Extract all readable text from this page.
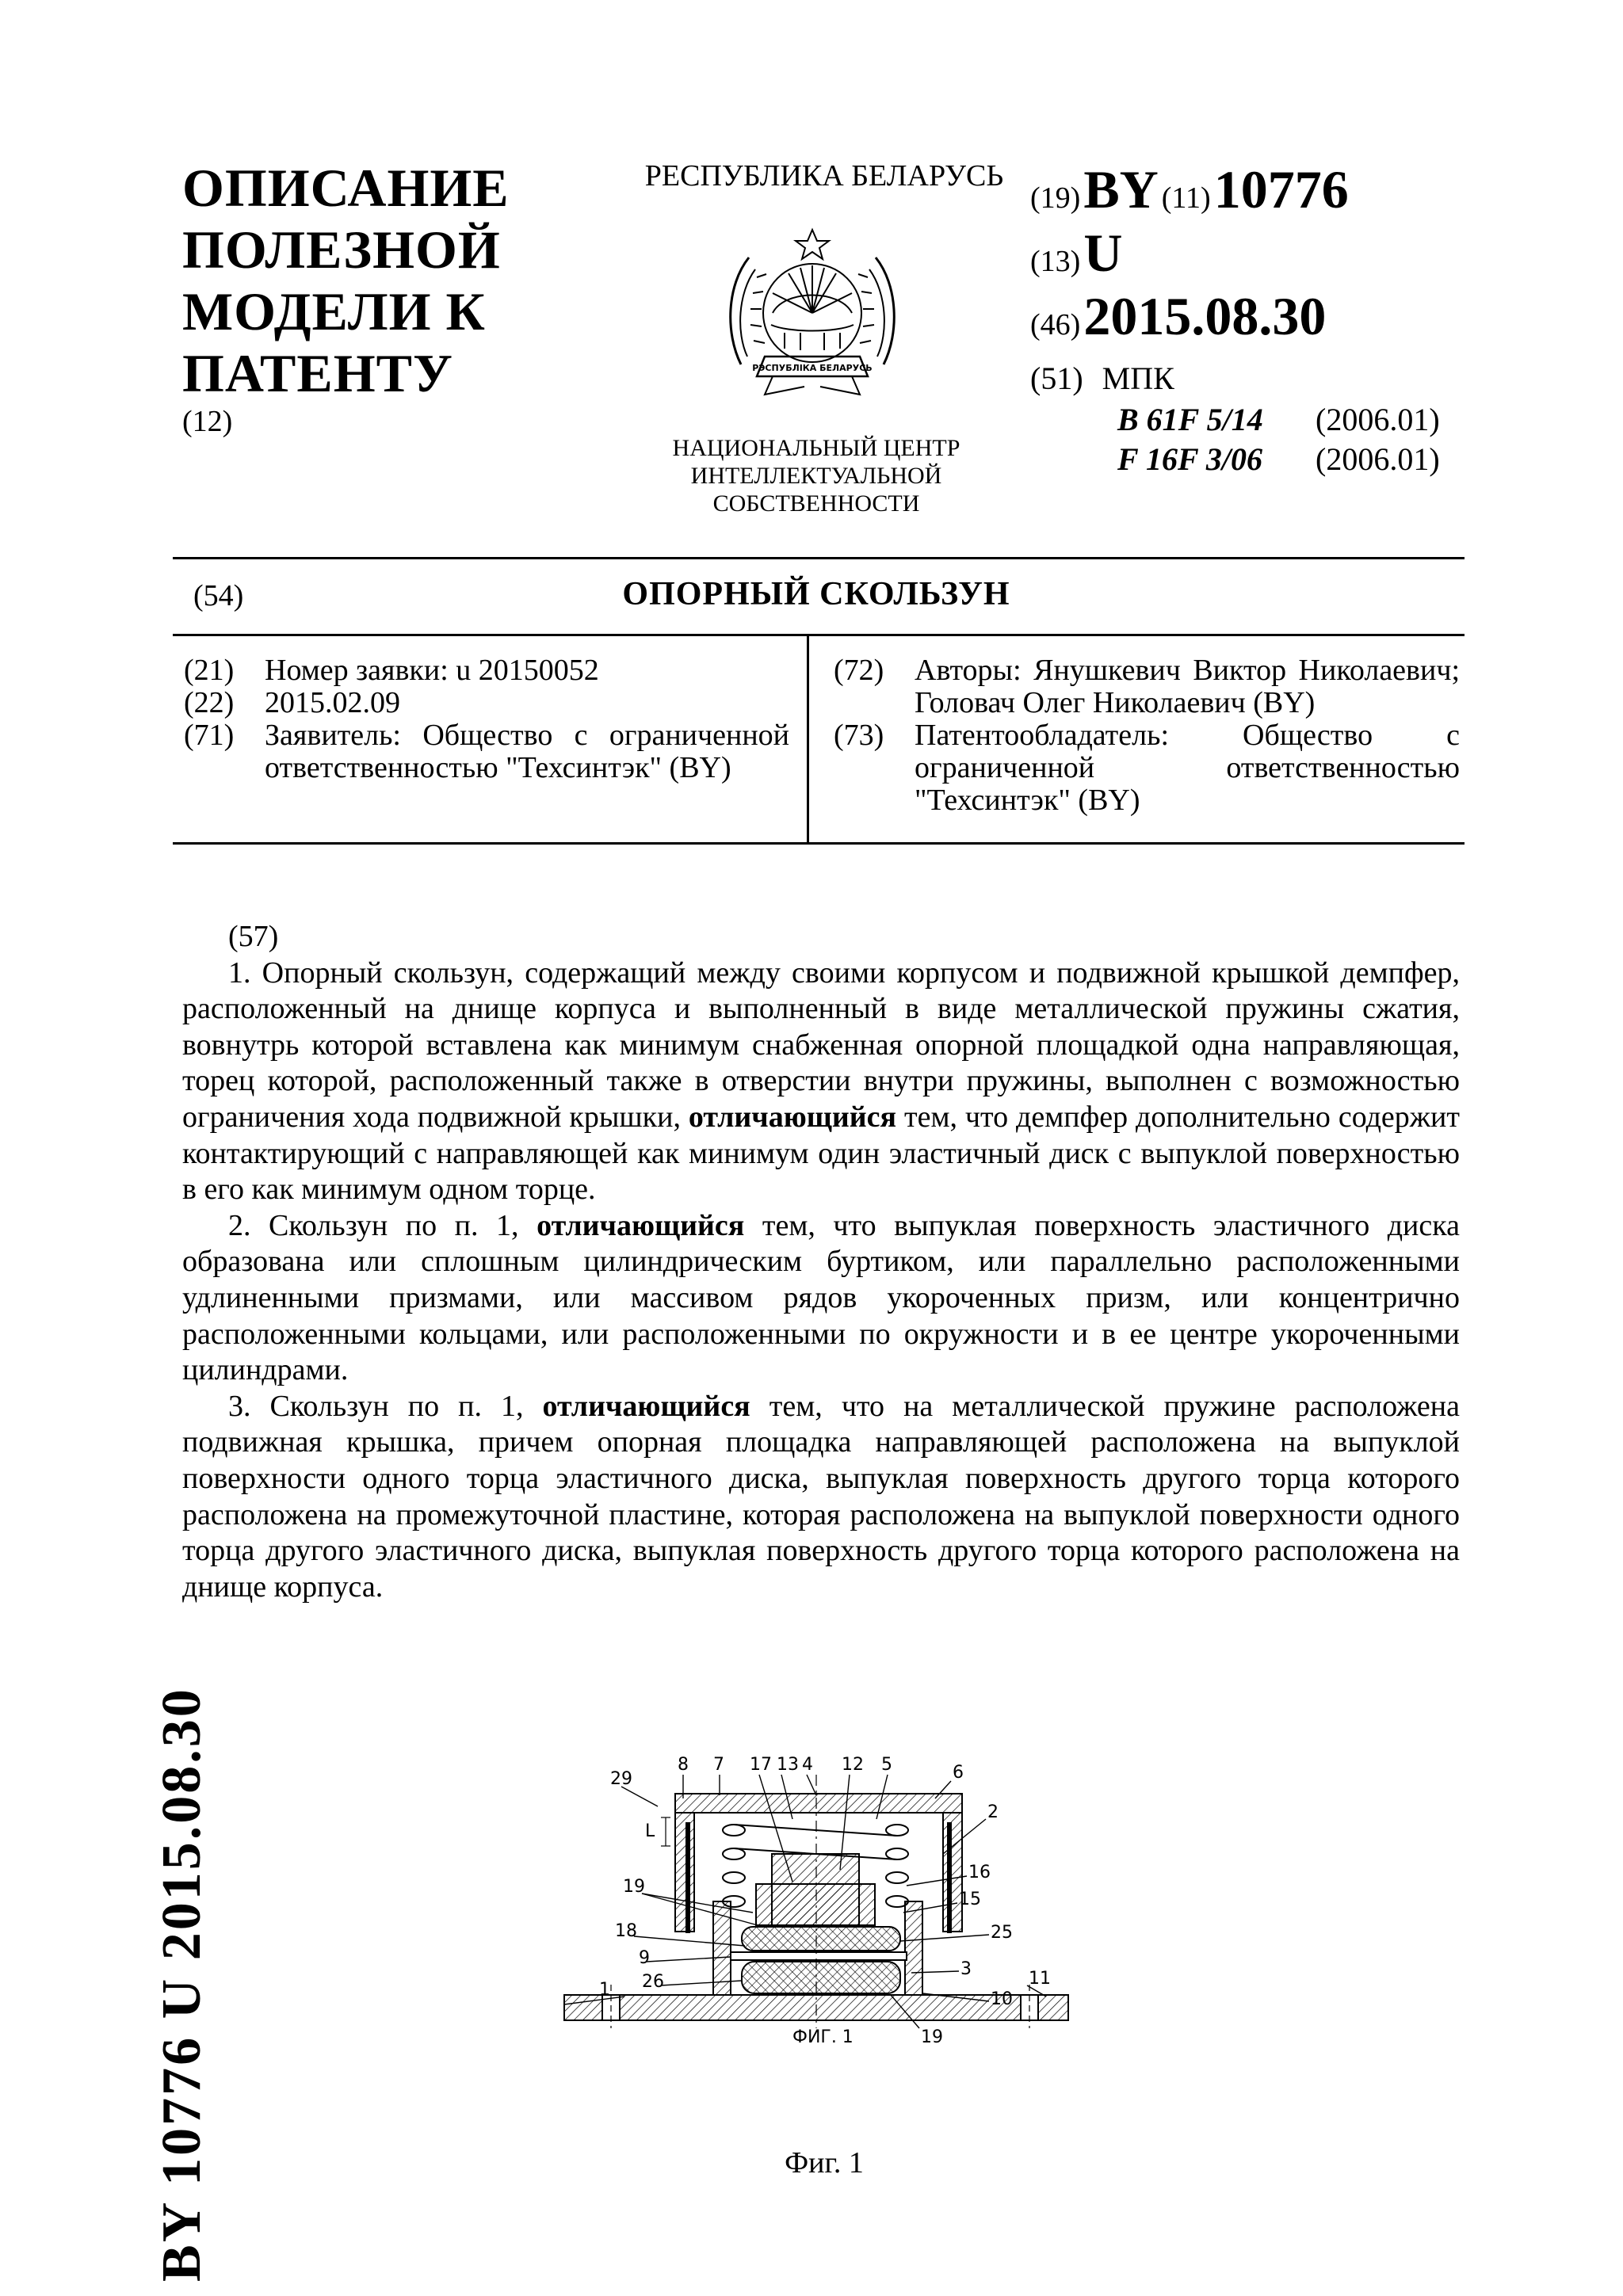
ОПИСАНИЕ
ПОЛЕЗНОЙ
МОДЕЛИ К
ПАТЕНТУ
(12)
РЕСПУБЛИКА БЕЛАРУСЬ
РЭСПУБЛІКА БЕЛАРУСЬ
НАЦИОНАЛЬНЫЙ ЦЕНТР
ИНТЕЛЛЕКТУАЛЬНОЙ
СОБСТВЕННОСТИ
(19) BY (11) 10776
(13) U
(46) 2015.08.30
(51) МПК
B 61F 5/14 (2006.01)
F 16F 3/06 (2006.01)
(54)	ОПОРНЫЙ СКОЛЬЗУН
(21) Номер заявки: u 20150052
(22) 2015.02.09
(71) Заявитель: Общество с ограниченной ответственностью "Техсинтэк" (BY)
(72) Авторы: Янушкевич Виктор Николаевич; Головач Олег Николаевич (BY)
(73) Патентообладатель: Общество с ограниченной ответственностью "Техсинтэк" (BY)
(57)

1. Опорный скользун, содержащий между своими корпусом и подвижной крышкой демпфер, расположенный на днище корпуса и выполненный в виде металлической пружины сжатия, вовнутрь которой вставлена как минимум снабженная опорной площадкой одна направляющая, торец которой, расположенный также в отверстии внутри пружины, выполнен с возможностью ограничения хода подвижной крышки, отличающийся тем, что демпфер дополнительно содержит контактирующий с направляющей как минимум один эластичный диск с выпуклой поверхностью в его как минимум одном торце.

2. Скользун по п. 1, отличающийся тем, что выпуклая поверхность эластичного диска образована или сплошным цилиндрическим буртиком, или параллельно расположенными удлиненными призмами, или массивом рядов укороченных призм, или концентрично расположенными кольцами, или расположенными по окружности и в ее центре укороченными цилиндрами.

3. Скользун по п. 1, отличающийся тем, что на металлической пружине расположена подвижная крышка, причем опорная площадка направляющей расположена на выпуклой поверхности одного торца эластичного диска, выпуклая поверхность другого торца которого расположена на промежуточной пластине, которая расположена на выпуклой поверхности одного торца другого эластичного диска, выпуклая поверхность другого торца которого расположена на днище корпуса.

BY 10776 U 2015.08.30	29
8 7 17 13 4 12 5	6
2
L
19
16
15
18	25
9
3
26
10
1
11
19
ФИГ. 1
Фиг. 1
